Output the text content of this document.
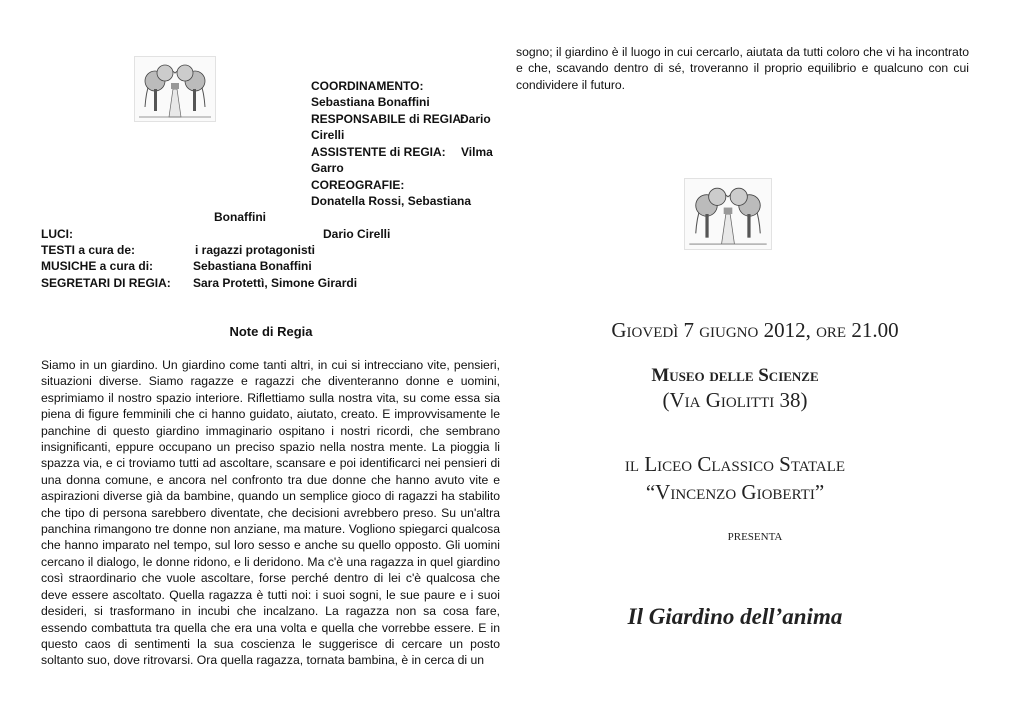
COORDINAMENTO:
Sebastiana Bonaffini
RESPONSABILE di REGIA:
Dario
Cirelli
ASSISTENTE di REGIA: Vilma
Garro
COREOGRAFIE:
Donatella Rossi, Sebastiana
Bonaffini
LUCI:	Dario Cirelli
TESTI a cura de:	i ragazzi protagonisti
MUSICHE a cura di:	Sebastiana Bonaffini
SEGRETARI DI REGIA: Sara Protettì, Simone Girardi
Note di Regia
Siamo in un giardino. Un giardino come tanti altri, in cui si intrecciano vite, pensieri, situazioni diverse. Siamo ragazze e ragazzi che diventeranno donne e uomini, esprimiamo il nostro spazio interiore. Riflettiamo sulla nostra vita, su come essa sia piena di figure femminili che ci hanno guidato, aiutato, creato. E improvvisamente le panchine di questo giardino immaginario ospitano i nostri ricordi, che sembrano insignificanti, eppure occupano un preciso spazio nella nostra mente. La pioggia li spazza via, e ci troviamo tutti ad ascoltare, scansare e poi identificarci nei pensieri di una donna comune, e ancora nel confronto tra due donne che hanno avuto vite e aspirazioni diverse già da bambine, quando un semplice gioco di ragazzi ha stabilito che tipo di persona sarebbero diventate, che decisioni avrebbero preso. Su un'altra panchina rimangono tre donne non anziane, ma mature. Vogliono spiegarci qualcosa che hanno imparato nel tempo, sul loro sesso e anche su quello opposto. Gli uomini cercano il dialogo, le donne ridono, e li deridono. Ma c'è una ragazza in quel giardino così straordinario che vuole ascoltare, forse perché dentro di lei c'è qualcosa che deve essere ascoltato. Quella ragazza è tutti noi: i suoi sogni, le sue paure e i suoi desideri, si trasformano in incubi che incalzano. La ragazza non sa cosa fare, essendo combattuta tra quella che era una volta e quella che vorrebbe essere. E in questo caos di sentimenti la sua coscienza le suggerisce di cercare un posto soltanto suo, dove ritrovarsi. Ora quella ragazza, tornata bambina, è in cerca di un
sogno; il giardino è il luogo in cui cercarlo, aiutata da tutti coloro che vi ha incontrato e che, scavando dentro di sé, troveranno il proprio equilibrio e qualcuno con cui condividere il futuro.
Giovedì 7 giugno 2012, ore 21.00
Museo delle Scienze
(Via Giolitti 38)
il Liceo Classico Statale
“Vincenzo Gioberti”
presenta
Il Giardino dell’anima
